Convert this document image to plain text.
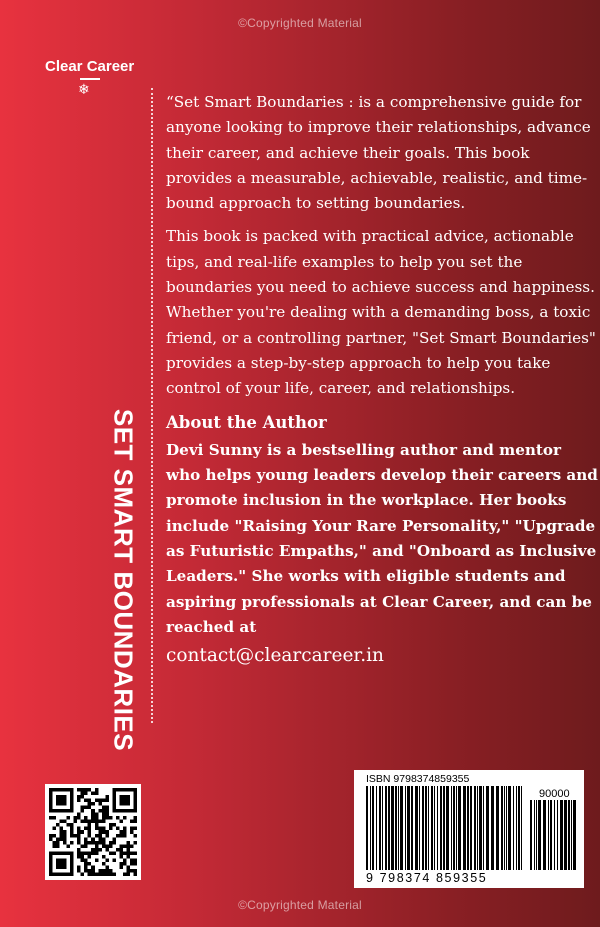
©Copyrighted Material
Clear Career
❄
SET SMART BOUNDARIES

“Set Smart Boundaries : is a comprehensive guide for anyone looking to improve their relationships, advance their career, and achieve their goals. This book provides a measurable, achievable, realistic, and time-bound approach to setting boundaries.

This book is packed with practical advice, actionable tips, and real-life examples to help you set the boundaries you need to achieve success and happiness. Whether you're dealing with a demanding boss, a toxic friend, or a controlling partner, "Set Smart Boundaries" provides a step-by-step approach to help you take control of your life, career, and relationships.

About the Author
Devi Sunny is a bestselling author and mentor who helps young leaders develop their careers and promote inclusion in the workplace. Her books include "Raising Your Rare Personality," "Upgrade as Futuristic Empaths," and "Onboard as Inclusive Leaders." She works with eligible students and aspiring professionals at Clear Career, and can be reached at
contact@clearcareer.in
ISBN 9798374859355
90000
9 798374 859355
©Copyrighted Material
